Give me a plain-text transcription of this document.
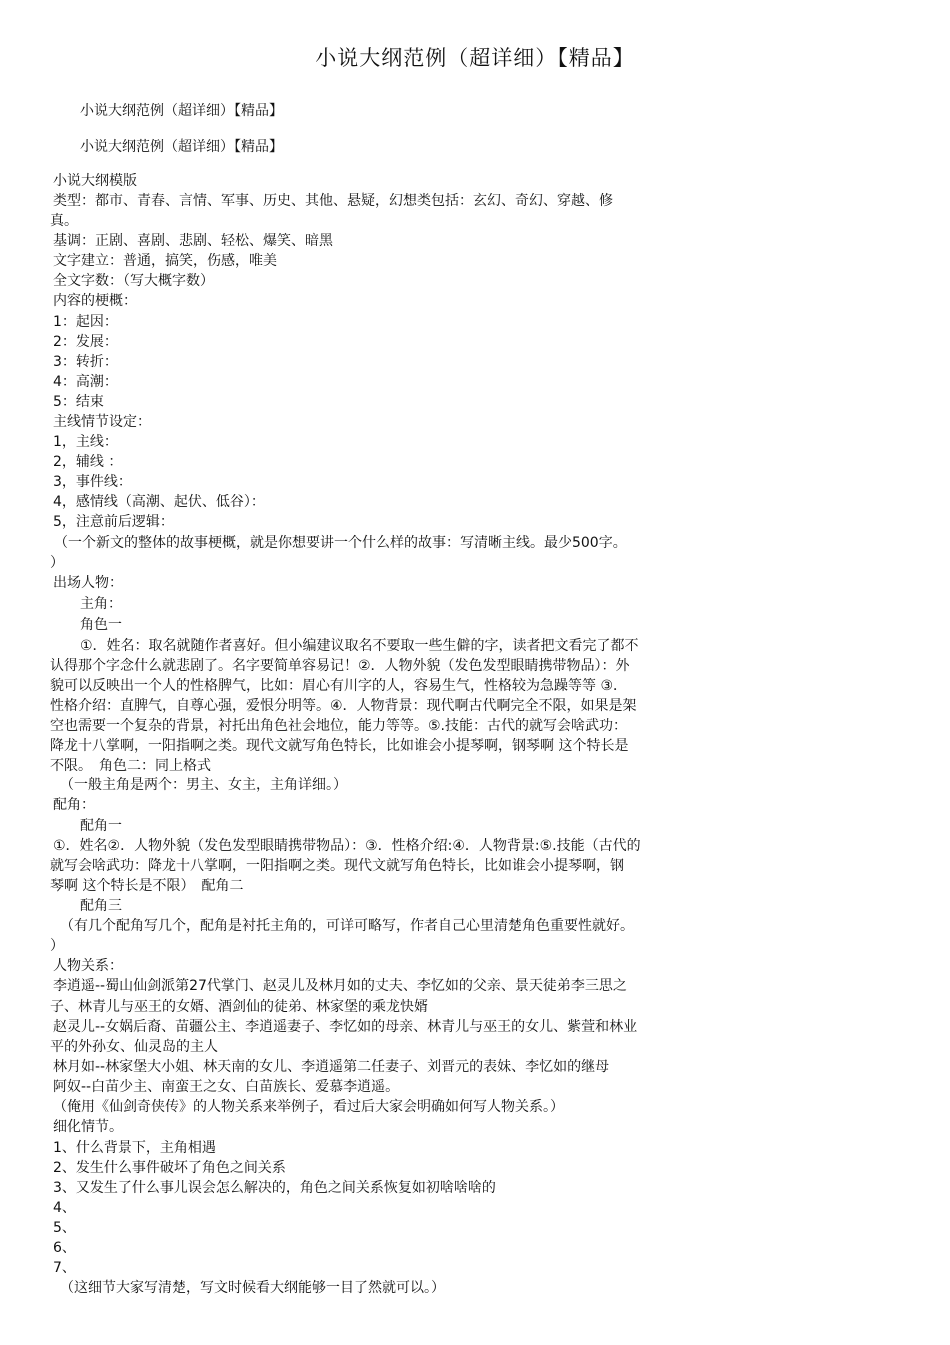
小说大纲范例（超详细）【精品】
小说大纲范例（超详细）【精品】
小说大纲范例（超详细）【精品】
小说大纲模版
类型：都市、青春、言情、军事、历史、其他、悬疑，幻想类包括：玄幻、奇幻、穿越、修
真。
基调：正剧、喜剧、悲剧、轻松、爆笑、暗黑
文字建立：普通，搞笑，伤感，唯美
全文字数：（写大概字数）
内容的梗概：
1：起因：
2：发展：
3：转折：
4：高潮：
5：结束
主线情节设定：
1，主线：
2，辅线 ：
3，事件线：
4，感情线（高潮、起伏、低谷）：
5，注意前后逻辑：
（一个新文的整体的故事梗概，就是你想要讲一个什么样的故事：写清晰主线。最少500字。
）
出场人物：
主角：
角色一
①．姓名：取名就随作者喜好。但小编建议取名不要取一些生僻的字，读者把文看完了都不
认得那个字念什么就悲剧了。名字要简单容易记！②．人物外貌（发色发型眼睛携带物品）：外
貌可以反映出一个人的性格脾气，比如：眉心有川字的人，容易生气，性格较为急躁等等 ③．
性格介绍：直脾气，自尊心强，爱恨分明等。④．人物背景：现代啊古代啊完全不限，如果是架
空也需要一个复杂的背景，衬托出角色社会地位，能力等等。⑤.技能：古代的就写会啥武功：
降龙十八掌啊，一阳指啊之类。现代文就写角色特长，比如谁会小提琴啊，钢琴啊 这个特长是
不限。　角色二：同上格式
（一般主角是两个：男主、女主，主角详细。）
配角：
配角一
①．姓名②．人物外貌（发色发型眼睛携带物品）：③．性格介绍:④．人物背景:⑤.技能（古代的
就写会啥武功：降龙十八掌啊，一阳指啊之类。现代文就写角色特长，比如谁会小提琴啊，钢
琴啊 这个特长是不限）　配角二
配角三
（有几个配角写几个，配角是衬托主角的，可详可略写，作者自己心里清楚角色重要性就好。
）
人物关系：
李逍遥--蜀山仙剑派第27代掌门、赵灵儿及林月如的丈夫、李忆如的父亲、景天徒弟李三思之
子、林青儿与巫王的女婿、酒剑仙的徒弟、林家堡的乘龙快婿
赵灵儿--女娲后裔、苗疆公主、李逍遥妻子、李忆如的母亲、林青儿与巫王的女儿、紫萱和林业
平的外孙女、仙灵岛的主人
林月如--林家堡大小姐、林天南的女儿、李逍遥第二任妻子、刘晋元的表妹、李忆如的继母
阿奴--白苗少主、南蛮王之女、白苗族长、爱慕李逍遥。
（俺用《仙剑奇侠传》的人物关系来举例子，看过后大家会明确如何写人物关系。）
细化情节。
1、什么背景下，主角相遇
2、发生什么事件破坏了角色之间关系
3、又发生了什么事儿误会怎么解决的，角色之间关系恢复如初啥啥啥的
4、
5、
6、
7、
（这细节大家写清楚，写文时候看大纲能够一目了然就可以。）
